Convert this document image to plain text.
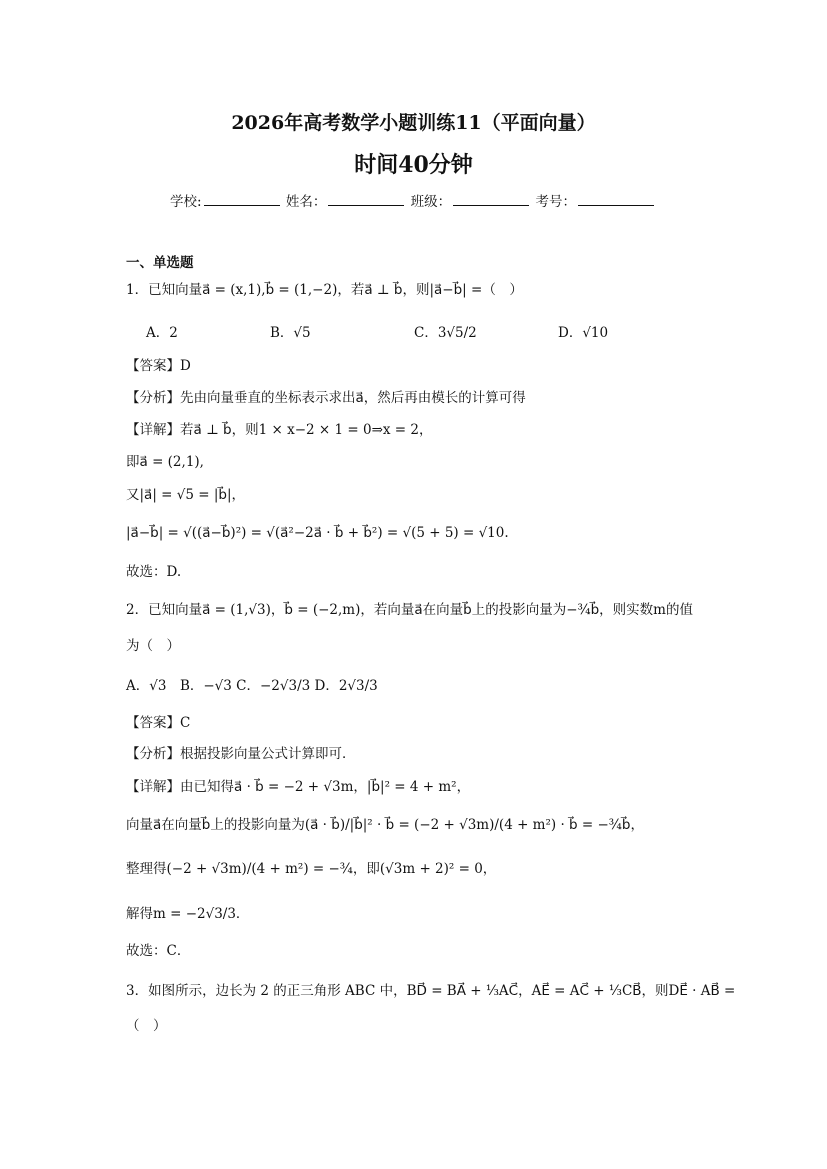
2026年高考数学小题训练11（平面向量）
时间40分钟
学校:	姓名：	班级：	考号：
一、单选题
1．已知向量a⃗ = (x,1),b⃗ = (1,−2)，若a⃗ ⊥ b⃗，则|a⃗−b⃗| =（　）
A．2	B．√5	C．3√5/2	D．√10
【答案】D
【分析】先由向量垂直的坐标表示求出a⃗，然后再由模长的计算可得
【详解】若a⃗ ⊥ b⃗，则1 × x−2 × 1 = 0⇒x = 2，
即a⃗ = (2,1),
又|a⃗| = √5 = |b⃗|，
|a⃗−b⃗| = √((a⃗−b⃗)²) = √(a⃗²−2a⃗ · b⃗ + b⃗²) = √(5 + 5) = √10.
故选：D.
2．已知向量a⃗ = (1,√3)，b⃗ = (−2,m)，若向量a⃗在向量b⃗上的投影向量为−¾b⃗，则实数m的值
为（　）
A．√3　B．−√3 C．−2√3/3 D．2√3/3
【答案】C
【分析】根据投影向量公式计算即可．
【详解】由已知得a⃗ · b⃗ = −2 + √3m，|b⃗|² = 4 + m²，
向量a⃗在向量b⃗上的投影向量为(a⃗ · b⃗)/|b⃗|² · b⃗ = (−2 + √3m)/(4 + m²) · b⃗ = −¾b⃗，
整理得(−2 + √3m)/(4 + m²) = −¾，即(√3m + 2)² = 0，
解得m = −2√3/3．
故选：C．
3．如图所示，边长为 2 的正三角形 ABC 中，BD⃗ = BA⃗ + ⅓AC⃗，AE⃗ = AC⃗ + ⅓CB⃗，则DE⃗ · AB⃗ =
（　）
